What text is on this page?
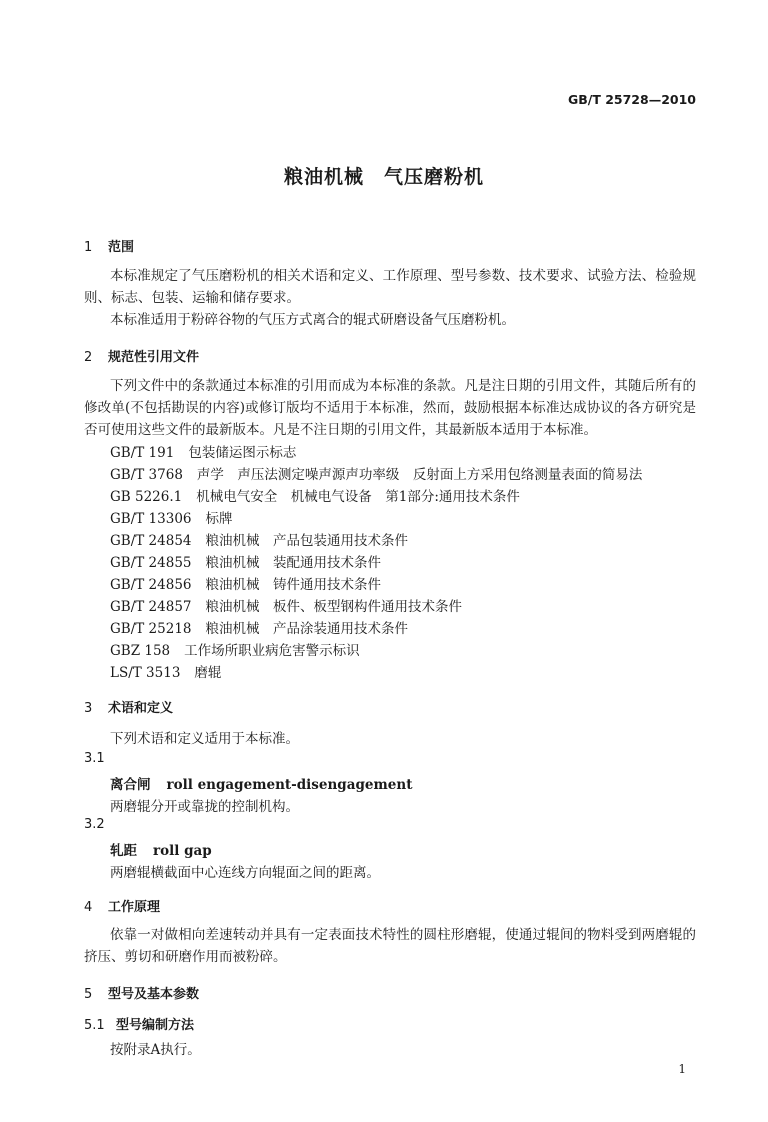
GB/T 25728—2010
粮油机械 气压磨粉机
1 范围
本标准规定了气压磨粉机的相关术语和定义、工作原理、型号参数、技术要求、试验方法、检验规则、标志、包装、运输和储存要求。
本标准适用于粉碎谷物的气压方式离合的辊式研磨设备气压磨粉机。
2 规范性引用文件
下列文件中的条款通过本标准的引用而成为本标准的条款。凡是注日期的引用文件，其随后所有的修改单(不包括勘误的内容)或修订版均不适用于本标准，然而，鼓励根据本标准达成协议的各方研究是否可使用这些文件的最新版本。凡是不注日期的引用文件，其最新版本适用于本标准。
GB/T 191 包装储运图示标志
GB/T 3768 声学　声压法测定噪声源声功率级　反射面上方采用包络测量表面的简易法
GB 5226.1 机械电气安全　机械电气设备　第1部分:通用技术条件
GB/T 13306 标牌
GB/T 24854 粮油机械　产品包装通用技术条件
GB/T 24855 粮油机械　装配通用技术条件
GB/T 24856 粮油机械　铸件通用技术条件
GB/T 24857 粮油机械　板件、板型钢构件通用技术条件
GB/T 25218 粮油机械　产品涂装通用技术条件
GBZ 158 工作场所职业病危害警示标识
LS/T 3513 磨辊
3 术语和定义
下列术语和定义适用于本标准。
3.1
离合闸 roll engagement-disengagement
两磨辊分开或靠拢的控制机构。
3.2
轧距 roll gap
两磨辊横截面中心连线方向辊面之间的距离。
4 工作原理
依靠一对做相向差速转动并具有一定表面技术特性的圆柱形磨辊，使通过辊间的物料受到两磨辊的挤压、剪切和研磨作用而被粉碎。
5 型号及基本参数
5.1 型号编制方法
按附录A执行。
1
